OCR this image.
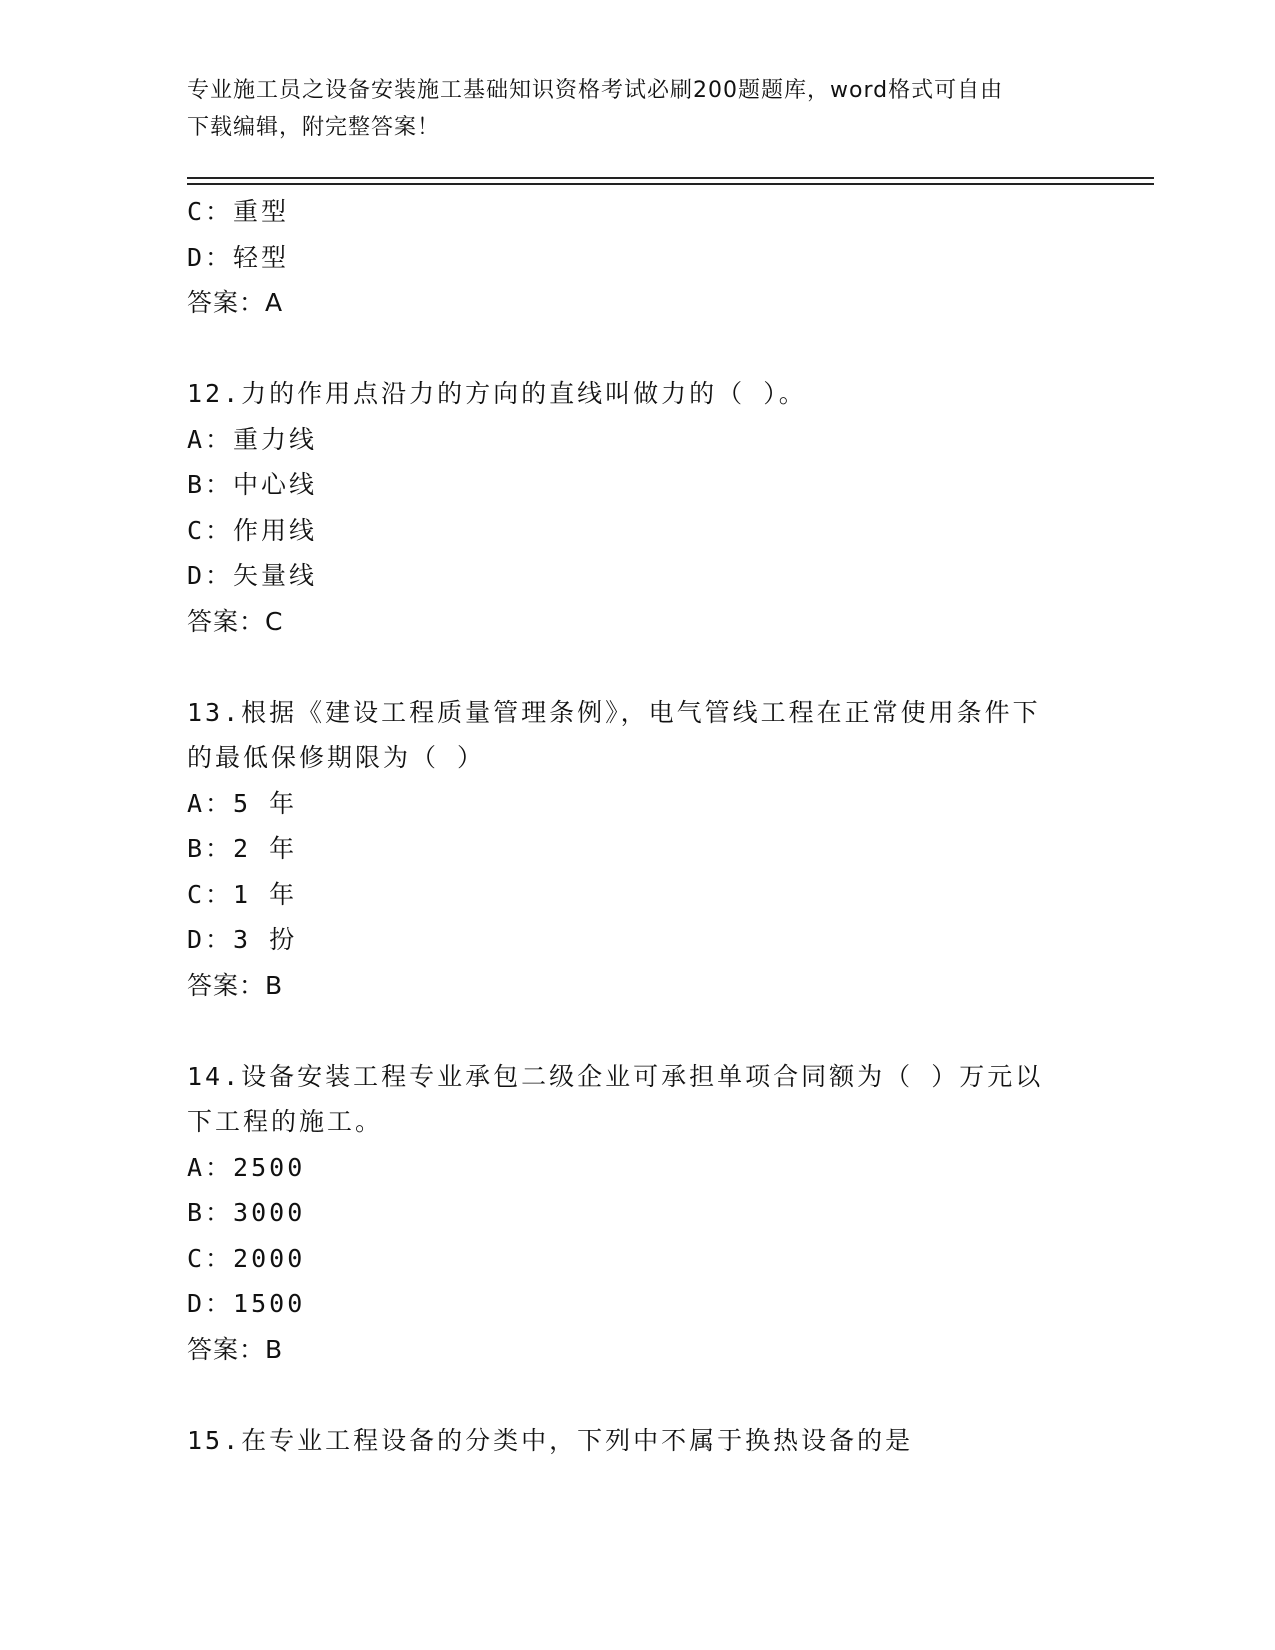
专业施工员之设备安装施工基础知识资格考试必刷200题题库，word格式可自由
下载编辑，附完整答案！
C：重型
D：轻型
答案：A
12.力的作用点沿力的方向的直线叫做力的（ ）。
A：重力线
B：中心线
C：作用线
D：矢量线
答案：C
13.根据《建设工程质量管理条例》，电气管线工程在正常使用条件下
的最低保修期限为（ ）
A：5 年
B：2 年
C：1 年
D：3 扮
答案：B
14.设备安装工程专业承包二级企业可承担单项合同额为（ ）万元以
下工程的施工。
A：2500
B：3000
C：2000
D：1500
答案：B
15.在专业工程设备的分类中，下列中不属于换热设备的是
